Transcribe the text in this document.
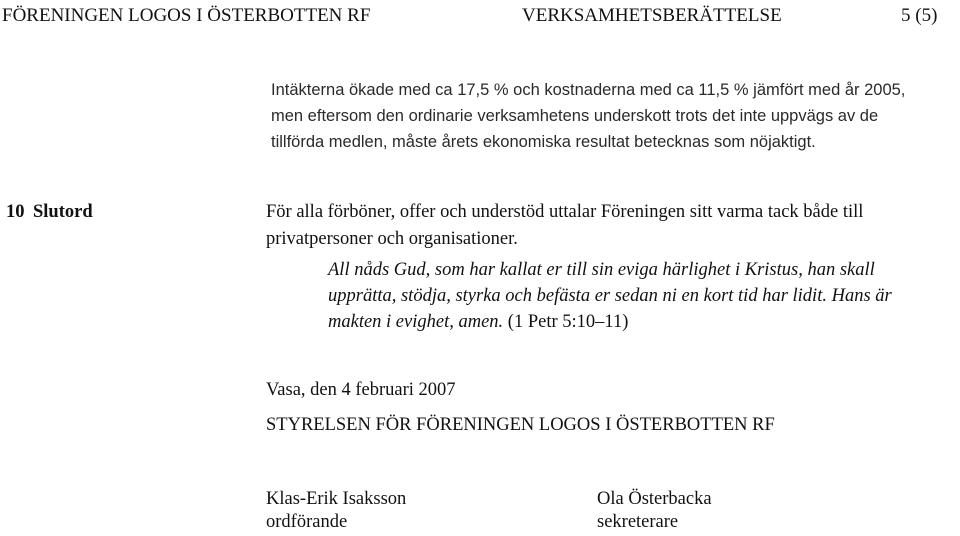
FÖRENINGEN LOGOS I ÖSTERBOTTEN RF	VERKSAMHETSBERÄTTELSE	5 (5)
Intäkterna ökade med ca 17,5 % och kostnaderna med ca 11,5 % jämfört med år 2005,
men eftersom den ordinarie verksamhetens underskott trots det inte uppvägs av de
tillförda medlen, måste årets ekonomiska resultat betecknas som nöjaktigt.
10 Slutord	För alla förböner, offer och understöd uttalar Föreningen sitt varma tack både till
privatpersoner och organisationer.
All nåds Gud, som har kallat er till sin eviga härlighet i Kristus, han skall
upprätta, stödja, styrka och befästa er sedan ni en kort tid har lidit. Hans är
makten i evighet, amen. (1 Petr 5:10–11)
Vasa, den 4 februari 2007
STYRELSEN FÖR FÖRENINGEN LOGOS I ÖSTERBOTTEN RF
Klas-Erik Isaksson
ordförande
Ola Österbacka
sekreterare
